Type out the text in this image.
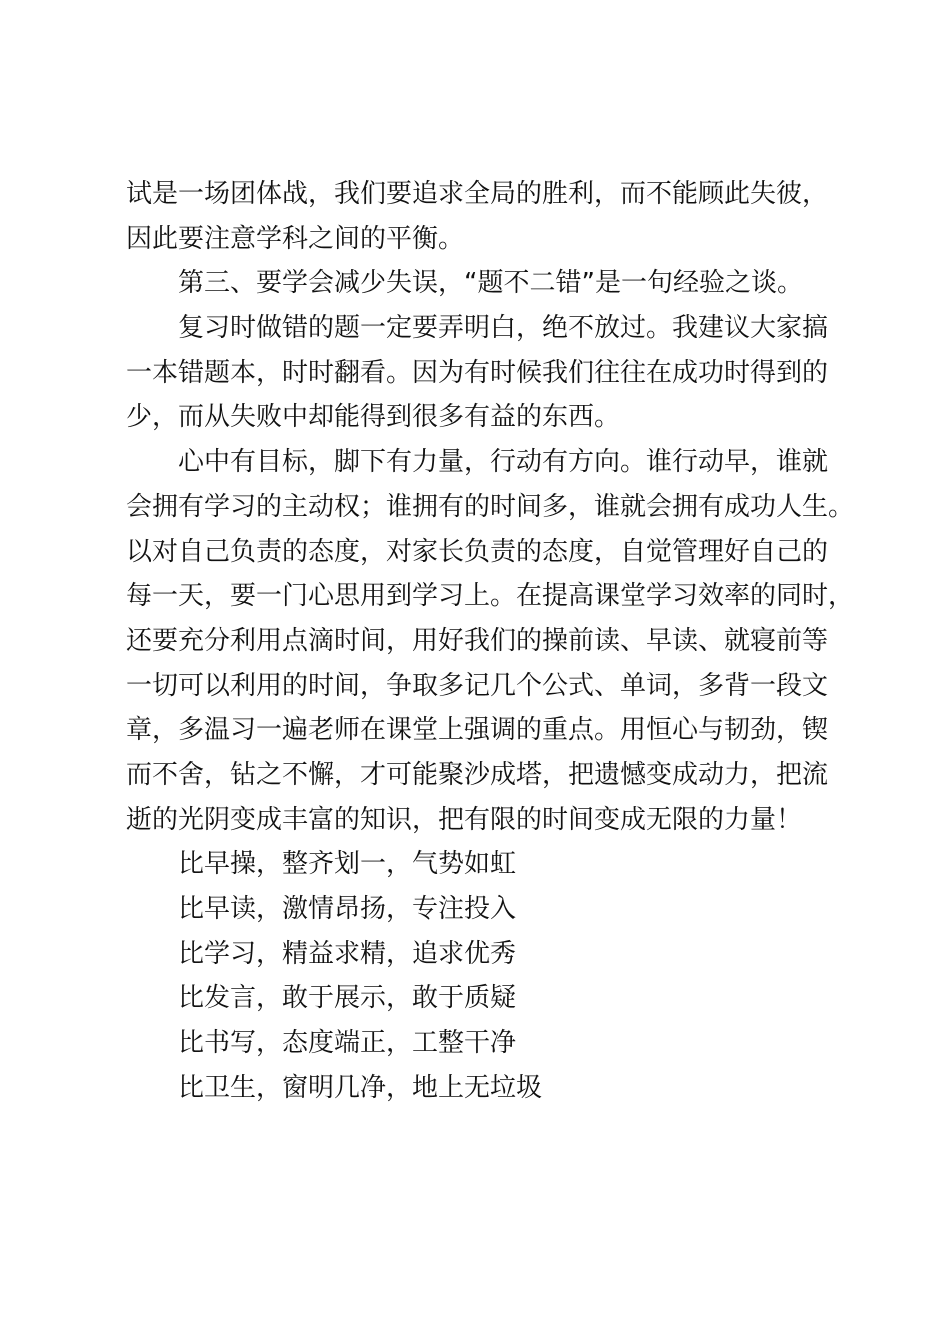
试是一场团体战，我们要追求全局的胜利，而不能顾此失彼，
因此要注意学科之间的平衡。
第三、要学会减少失误，“题不二错”是一句经验之谈。
复习时做错的题一定要弄明白，绝不放过。我建议大家搞
一本错题本，时时翻看。因为有时候我们往往在成功时得到的
少，而从失败中却能得到很多有益的东西。
心中有目标，脚下有力量，行动有方向。谁行动早，谁就
会拥有学习的主动权；谁拥有的时间多，谁就会拥有成功人生。
以对自己负责的态度，对家长负责的态度，自觉管理好自己的
每一天，要一门心思用到学习上。在提高课堂学习效率的同时，
还要充分利用点滴时间，用好我们的操前读、早读、就寝前等
一切可以利用的时间，争取多记几个公式、单词，多背一段文
章，多温习一遍老师在课堂上强调的重点。用恒心与韧劲，锲
而不舍，钻之不懈，才可能聚沙成塔，把遗憾变成动力，把流
逝的光阴变成丰富的知识，把有限的时间变成无限的力量！
比早操，整齐划一，气势如虹
比早读，激情昂扬，专注投入
比学习，精益求精，追求优秀
比发言，敢于展示，敢于质疑
比书写，态度端正，工整干净
比卫生，窗明几净，地上无垃圾
